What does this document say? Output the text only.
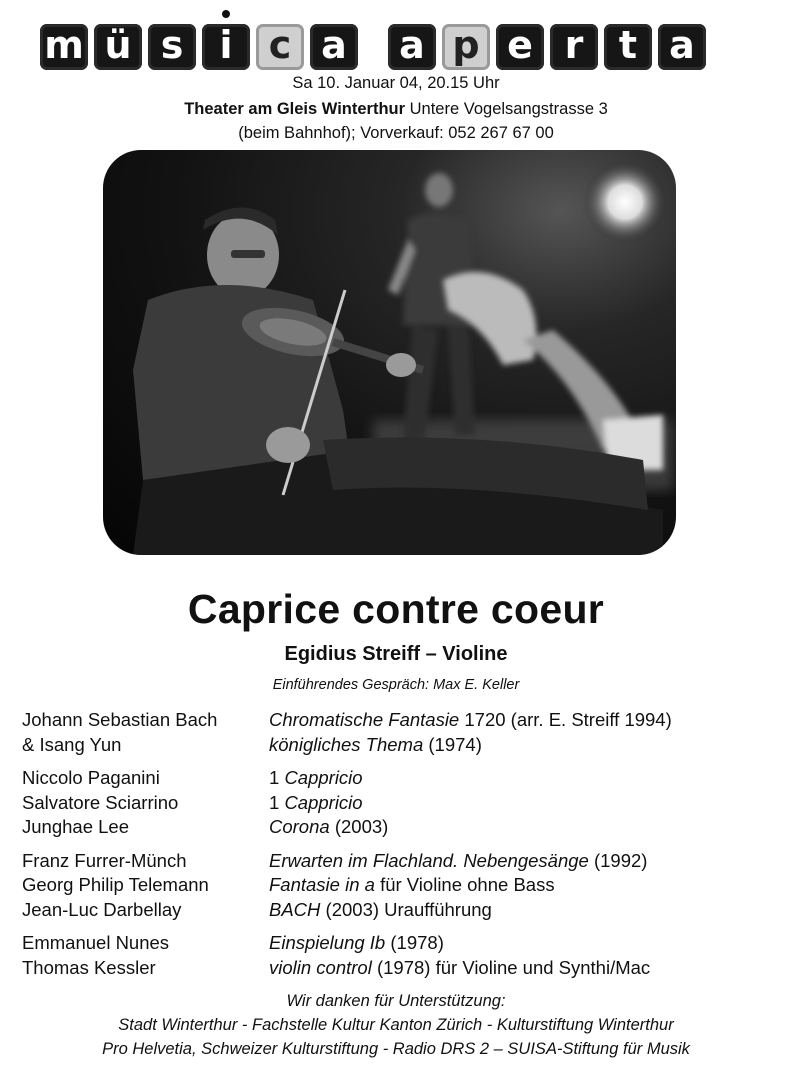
m ü s i c a a p e r t a
Sa 10. Januar 04, 20.15 Uhr
Theater am Gleis Winterthur Untere Vogelsangstrasse 3
(beim Bahnhof); Vorverkauf: 052 267 67 00
Caprice contre coeur
Egidius Streiff – Violine
Einführendes Gespräch: Max E. Keller
Johann Sebastian Bach	Chromatische Fantasie 1720 (arr. E. Streiff 1994)
& Isang Yun	königliches Thema (1974)
Niccolo Paganini	1 Cappricio
Salvatore Sciarrino	1 Cappricio
Junghae Lee	Corona (2003)
Franz Furrer-Münch	Erwarten im Flachland. Nebengesänge (1992)
Georg Philip Telemann	Fantasie in a für Violine ohne Bass
Jean-Luc Darbellay	BACH (2003) Uraufführung
Emmanuel Nunes	Einspielung Ib (1978)
Thomas Kessler	violin control (1978) für Violine und Synthi/Mac
Wir danken für Unterstützung:
Stadt Winterthur - Fachstelle Kultur Kanton Zürich - Kulturstiftung Winterthur
Pro Helvetia, Schweizer Kulturstiftung - Radio DRS 2 – SUISA-Stiftung für Musik
